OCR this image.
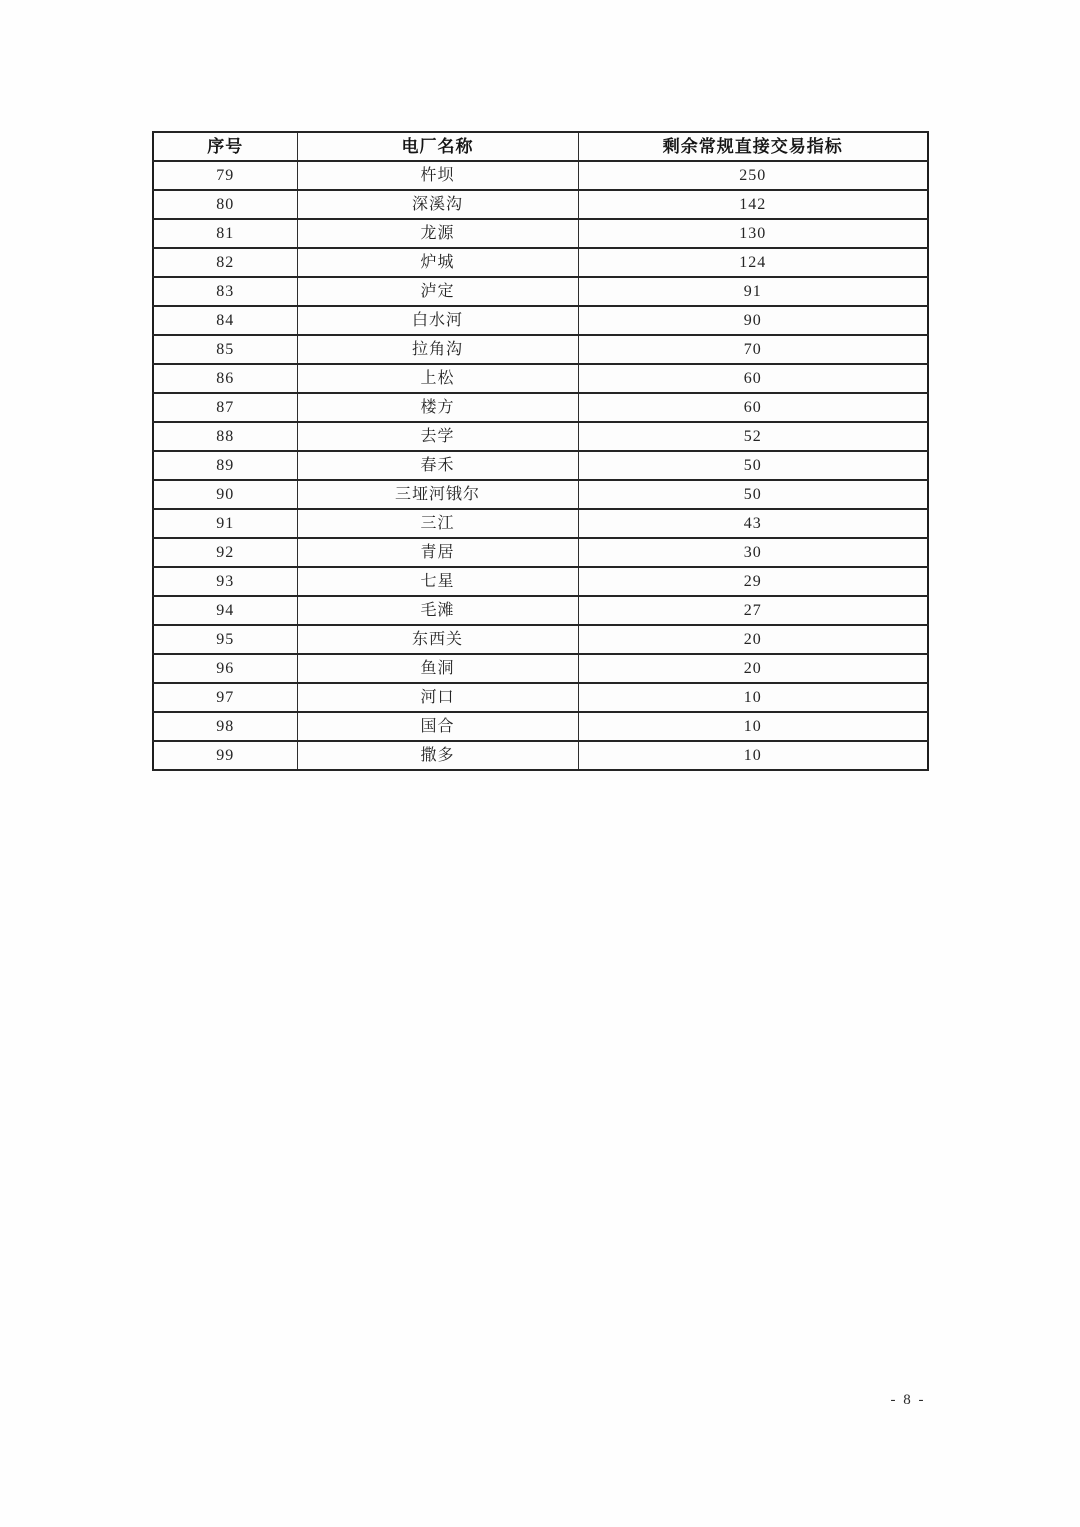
序号	电厂名称	剩余常规直接交易指标
79	杵坝	250
80	深溪沟	142
81	龙源	130
82	炉城	124
83	泸定	91
84	白水河	90
85	拉角沟	70
86	上松	60
87	楼方	60
88	去学	52
89	春禾	50
90	三垭河锇尔	50
91	三江	43
92	青居	30
93	七星	29
94	毛滩	27
95	东西关	20
96	鱼洞	20
97	河口	10
98	国合	10
99	撒多	10
- 8 -
